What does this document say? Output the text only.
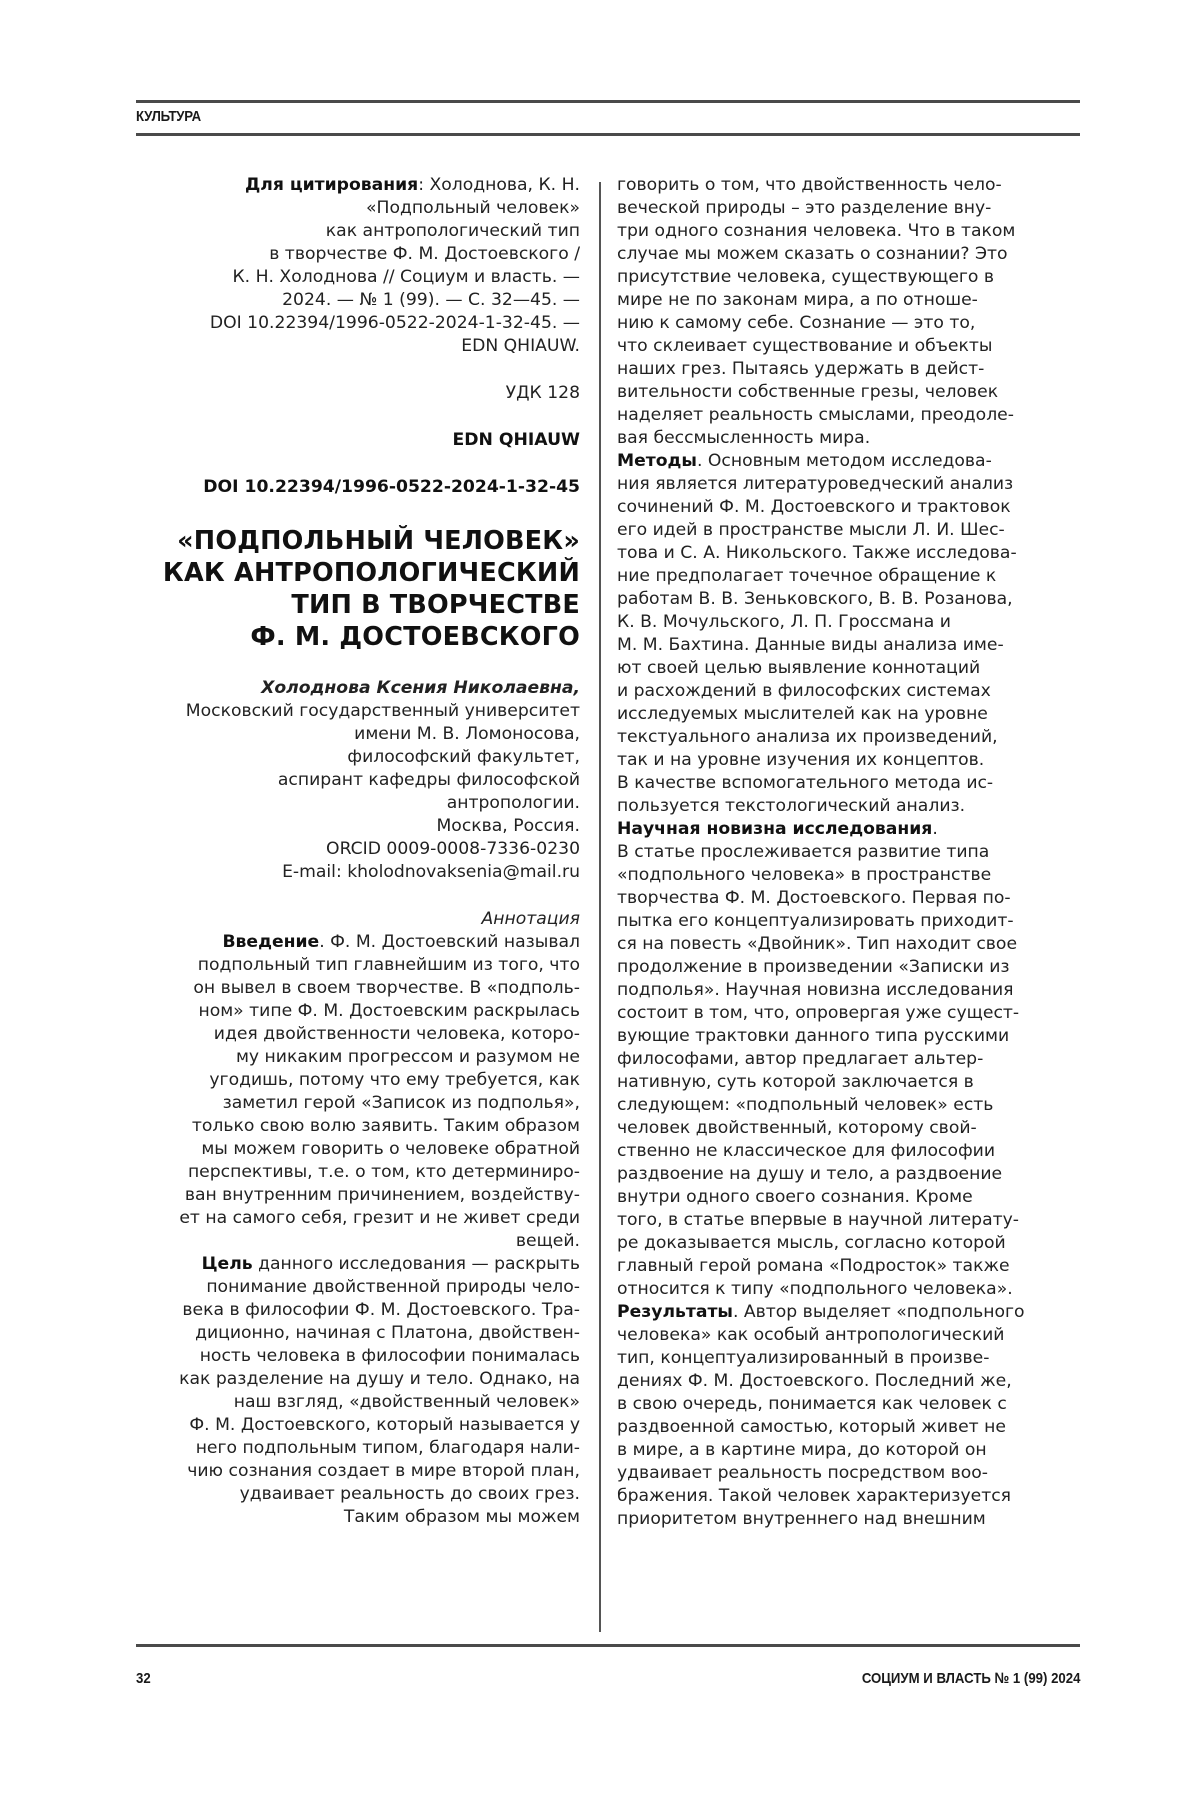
КУЛЬТУРА
Для цитирования: Холоднова, К. Н.
«Подпольный человек»
как антропологический тип
в творчестве Ф. М. Достоевского /
К. Н. Холоднова // Социум и власть. —
2024. — № 1 (99). — С. 32—45. —
DOI 10.22394/1996-0522-2024-1-32-45. —
EDN QHIAUW.
УДК 128
EDN QHIAUW
DOI 10.22394/1996-0522-2024-1-32-45
«ПОДПОЛЬНЫЙ ЧЕЛОВЕК»
КАК АНТРОПОЛОГИЧЕСКИЙ
ТИП В ТВОРЧЕСТВЕ
Ф. М. ДОСТОЕВСКОГО
Холоднова Ксения Николаевна,
Московский государственный университет
имени М. В. Ломоносова,
философский факультет,
аспирант кафедры философской
антропологии.
Москва, Россия.
ORCID 0009-0008-7336-0230
E-mail: kholodnovaksenia@mail.ru
Аннотация
Введение. Ф. М. Достоевский называл
подпольный тип главнейшим из того, что
он вывел в своем творчестве. В «подполь-
ном» типе Ф. М. Достоевским раскрылась
идея двойственности человека, которо-
му никаким прогрессом и разумом не
угодишь, потому что ему требуется, как
заметил герой «Записок из подполья»,
только свою волю заявить. Таким образом
мы можем говорить о человеке обратной
перспективы, т.е. о том, кто детерминиро-
ван внутренним причинением, воздейству-
ет на самого себя, грезит и не живет среди
вещей.
Цель данного исследования — раскрыть
понимание двойственной природы чело-
века в философии Ф. М. Достоевского. Тра-
диционно, начиная с Платона, двойствен-
ность человека в философии понималась
как разделение на душу и тело. Однако, на
наш взгляд, «двойственный человек»
Ф. М. Достоевского, который называется у
него подпольным типом, благодаря нали-
чию сознания создает в мире второй план,
удваивает реальность до своих грез.
Таким образом мы можем
говорить о том, что двойственность чело-
веческой природы – это разделение вну-
три одного сознания человека. Что в таком
случае мы можем сказать о сознании? Это
присутствие человека, существующего в
мире не по законам мира, а по отноше-
нию к самому себе. Сознание — это то,
что склеивает существование и объекты
наших грез. Пытаясь удержать в дейст-
вительности собственные грезы, человек
наделяет реальность смыслами, преодоле-
вая бессмысленность мира.
Методы. Основным методом исследова-
ния является литературоведческий анализ
сочинений Ф. М. Достоевского и трактовок
его идей в пространстве мысли Л. И. Шес-
това и С. А. Никольского. Также исследова-
ние предполагает точечное обращение к
работам В. В. Зеньковского, В. В. Розанова,
К. В. Мочульского, Л. П. Гроссмана и
М. М. Бахтина. Данные виды анализа име-
ют своей целью выявление коннотаций
и расхождений в философских системах
исследуемых мыслителей как на уровне
текстуального анализа их произведений,
так и на уровне изучения их концептов.
В качестве вспомогательного метода ис-
пользуется текстологический анализ.
Научная новизна исследования.
В статье прослеживается развитие типа
«подпольного человека» в пространстве
творчества Ф. М. Достоевского. Первая по-
пытка его концептуализировать приходит-
ся на повесть «Двойник». Тип находит свое
продолжение в произведении «Записки из
подполья». Научная новизна исследования
состоит в том, что, опровергая уже сущест-
вующие трактовки данного типа русскими
философами, автор предлагает альтер-
нативную, суть которой заключается в
следующем: «подпольный человек» есть
человек двойственный, которому свой-
ственно не классическое для философии
раздвоение на душу и тело, а раздвоение
внутри одного своего сознания. Кроме
того, в статье впервые в научной литерату-
ре доказывается мысль, согласно которой
главный герой романа «Подросток» также
относится к типу «подпольного человека».
Результаты. Автор выделяет «подпольного
человека» как особый антропологический
тип, концептуализированный в произве-
дениях Ф. М. Достоевского. Последний же,
в свою очередь, понимается как человек с
раздвоенной самостью, который живет не
в мире, а в картине мира, до которой он
удваивает реальность посредством воо-
бражения. Такой человек характеризуется
приоритетом внутреннего над внешним
32	СОЦИУМ И ВЛАСТЬ № 1 (99) 2024
